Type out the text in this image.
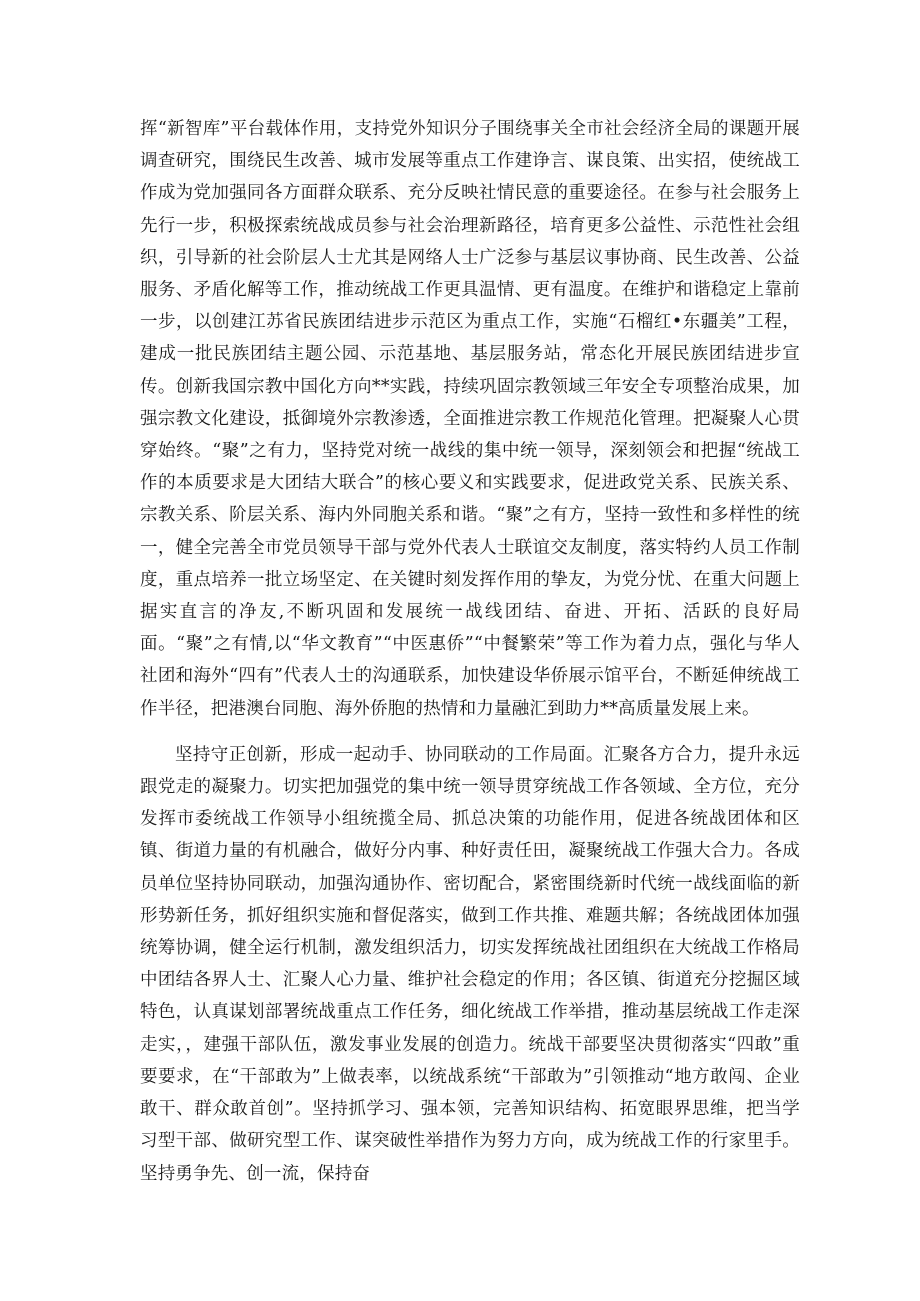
挥“新智库”平台载体作用，支持党外知识分子围绕事关全市社会经济全局的课题开展调查研究，围绕民生改善、城市发展等重点工作建诤言、谋良策、出实招，使统战工作成为党加强同各方面群众联系、充分反映社情民意的重要途径。在参与社会服务上先行一步，积极探索统战成员参与社会治理新路径，培育更多公益性、示范性社会组织，引导新的社会阶层人士尤其是网络人士广泛参与基层议事协商、民生改善、公益服务、矛盾化解等工作，推动统战工作更具温情、更有温度。在维护和谐稳定上靠前一步，以创建江苏省民族团结进步示范区为重点工作，实施“石榴红•东疆美”工程，建成一批民族团结主题公园、示范基地、基层服务站，常态化开展民族团结进步宣传。创新我国宗教中国化方向**实践，持续巩固宗教领域三年安全专项整治成果，加强宗教文化建设，抵御境外宗教渗透，全面推进宗教工作规范化管理。把凝聚人心贯穿始终。“聚”之有力，坚持党对统一战线的集中统一领导，深刻领会和把握“统战工作的本质要求是大团结大联合”的核心要义和实践要求，促进政党关系、民族关系、宗教关系、阶层关系、海内外同胞关系和谐。“聚”之有方，坚持一致性和多样性的统一，健全完善全市党员领导干部与党外代表人士联谊交友制度，落实特约人员工作制度，重点培养一批立场坚定、在关键时刻发挥作用的挚友，为党分忧、在重大问题上据实直言的净友,不断巩固和发展统一战线团结、奋进、开拓、活跃的良好局面。“聚”之有情,以“华文教育”“中医惠侨”“中餐繁荣”等工作为着力点，强化与华人社团和海外“四有”代表人士的沟通联系，加快建设华侨展示馆平台，不断延伸统战工作半径，把港澳台同胞、海外侨胞的热情和力量融汇到助力**高质量发展上来。

坚持守正创新，形成一起动手、协同联动的工作局面。汇聚各方合力，提升永远跟党走的凝聚力。切实把加强党的集中统一领导贯穿统战工作各领域、全方位，充分发挥市委统战工作领导小组统揽全局、抓总决策的功能作用，促进各统战团体和区镇、街道力量的有机融合，做好分内事、种好责任田，凝聚统战工作强大合力。各成员单位坚持协同联动，加强沟通协作、密切配合，紧密围绕新时代统一战线面临的新形势新任务，抓好组织实施和督促落实，做到工作共推、难题共解；各统战团体加强统筹协调，健全运行机制，激发组织活力，切实发挥统战社团组织在大统战工作格局中团结各界人士、汇聚人心力量、维护社会稳定的作用；各区镇、街道充分挖掘区域特色，认真谋划部署统战重点工作任务，细化统战工作举措，推动基层统战工作走深走实，，建强干部队伍，激发事业发展的创造力。统战干部要坚决贯彻落实“四敢”重要要求，在“干部敢为”上做表率，以统战系统“干部敢为”引领推动“地方敢闯、企业敢干、群众敢首创”。坚持抓学习、强本领，完善知识结构、拓宽眼界思维，把当学习型干部、做研究型工作、谋突破性举措作为努力方向，成为统战工作的行家里手。坚持勇争先、创一流，保持奋
